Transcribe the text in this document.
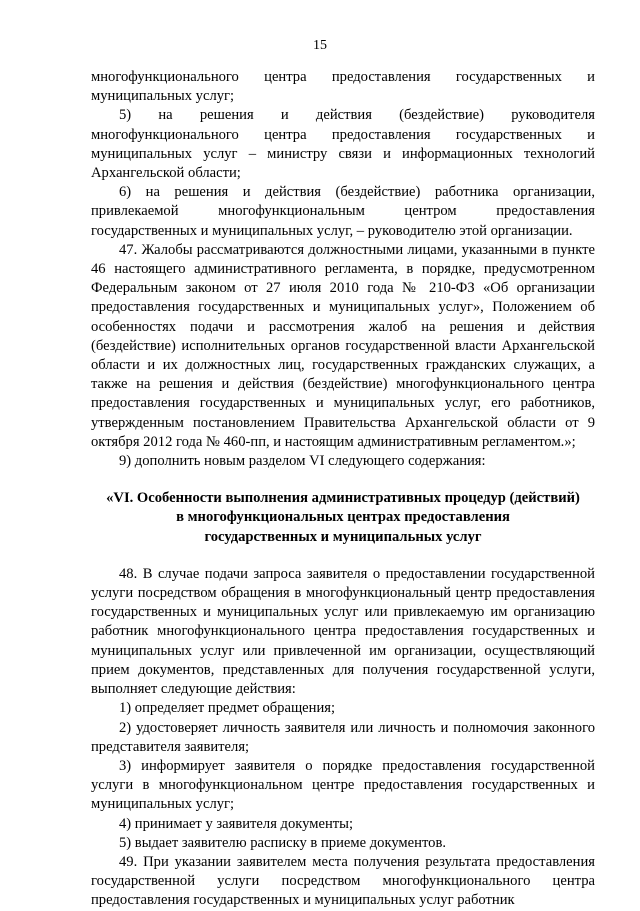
15

многофункционального центра предоставления государственных и муниципальных услуг;

5) на решения и действия (бездействие) руководителя многофункционального центра предоставления государственных и муниципальных услуг – министру связи и информационных технологий Архангельской области;

6) на решения и действия (бездействие) работника организации, привлекаемой многофункциональным центром предоставления государственных и муниципальных услуг, – руководителю этой организации.

47. Жалобы рассматриваются должностными лицами, указанными в пункте 46 настоящего административного регламента, в порядке, предусмотренном Федеральным законом от 27 июля 2010 года № 210-ФЗ «Об организации предоставления государственных и муниципальных услуг», Положением об особенностях подачи и рассмотрения жалоб на решения и действия (бездействие) исполнительных органов государственной власти Архангельской области и их должностных лиц, государственных гражданских служащих, а также на решения и действия (бездействие) многофункционального центра предоставления государственных и муниципальных услуг, его работников, утвержденным постановлением Правительства Архангельской области от 9 октября 2012 года № 460-пп, и настоящим административным регламентом.»;

9) дополнить новым разделом VI следующего содержания:

«VI. Особенности выполнения административных процедур (действий)

в многофункциональных центрах предоставления

государственных и муниципальных услуг

48. В случае подачи запроса заявителя о предоставлении государственной услуги посредством обращения в многофункциональный центр предоставления государственных и муниципальных услуг или привлекаемую им организацию работник многофункционального центра предоставления государственных и муниципальных услуг или привлеченной им организации, осуществляющий прием документов, представленных для получения государственной услуги, выполняет следующие действия:

1) определяет предмет обращения;

2) удостоверяет личность заявителя или личность и полномочия законного представителя заявителя;

3) информирует заявителя о порядке предоставления государственной услуги в многофункциональном центре предоставления государственных и муниципальных услуг;

4) принимает у заявителя документы;

5) выдает заявителю расписку в приеме документов.

49. При указании заявителем места получения результата предоставления государственной услуги посредством многофункционального центра предоставления государственных и муниципальных услуг работник
